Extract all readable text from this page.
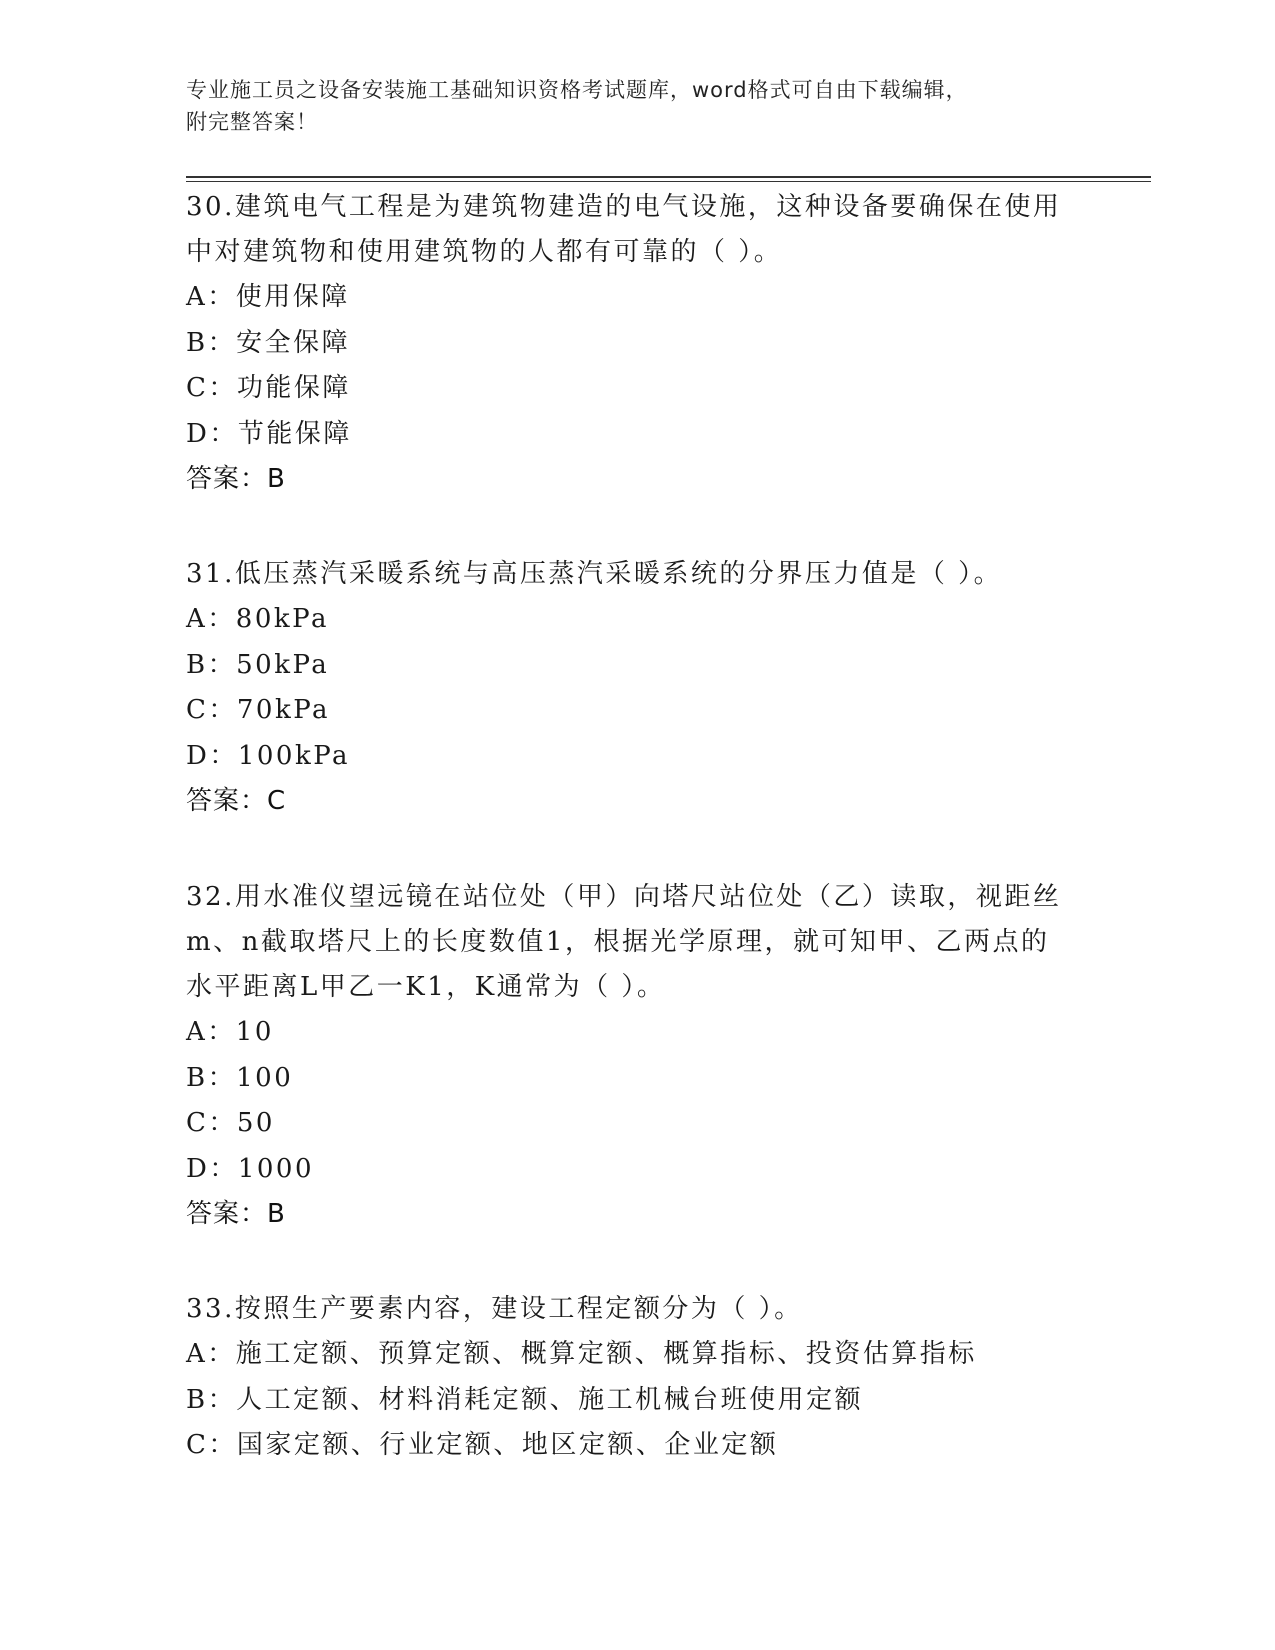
专业施工员之设备安装施工基础知识资格考试题库，word格式可自由下载编辑，
附完整答案！
30.建筑电气工程是为建筑物建造的电气设施，这种设备要确保在使用
中对建筑物和使用建筑物的人都有可靠的（ ）。
A：使用保障
B：安全保障
C：功能保障
D：节能保障
答案：B
31.低压蒸汽采暖系统与高压蒸汽采暖系统的分界压力值是（ ）。
A：80kPa
B：50kPa
C：70kPa
D：100kPa
答案：C
32.用水准仪望远镜在站位处（甲）向塔尺站位处（乙）读取，视距丝
m、n截取塔尺上的长度数值1，根据光学原理，就可知甲、乙两点的
水平距离L甲乙一K1，K通常为（ ）。
A：10
B：100
C：50
D：1000
答案：B
33.按照生产要素内容，建设工程定额分为（ ）。
A：施工定额、预算定额、概算定额、概算指标、投资估算指标
B：人工定额、材料消耗定额、施工机械台班使用定额
C：国家定额、行业定额、地区定额、企业定额
